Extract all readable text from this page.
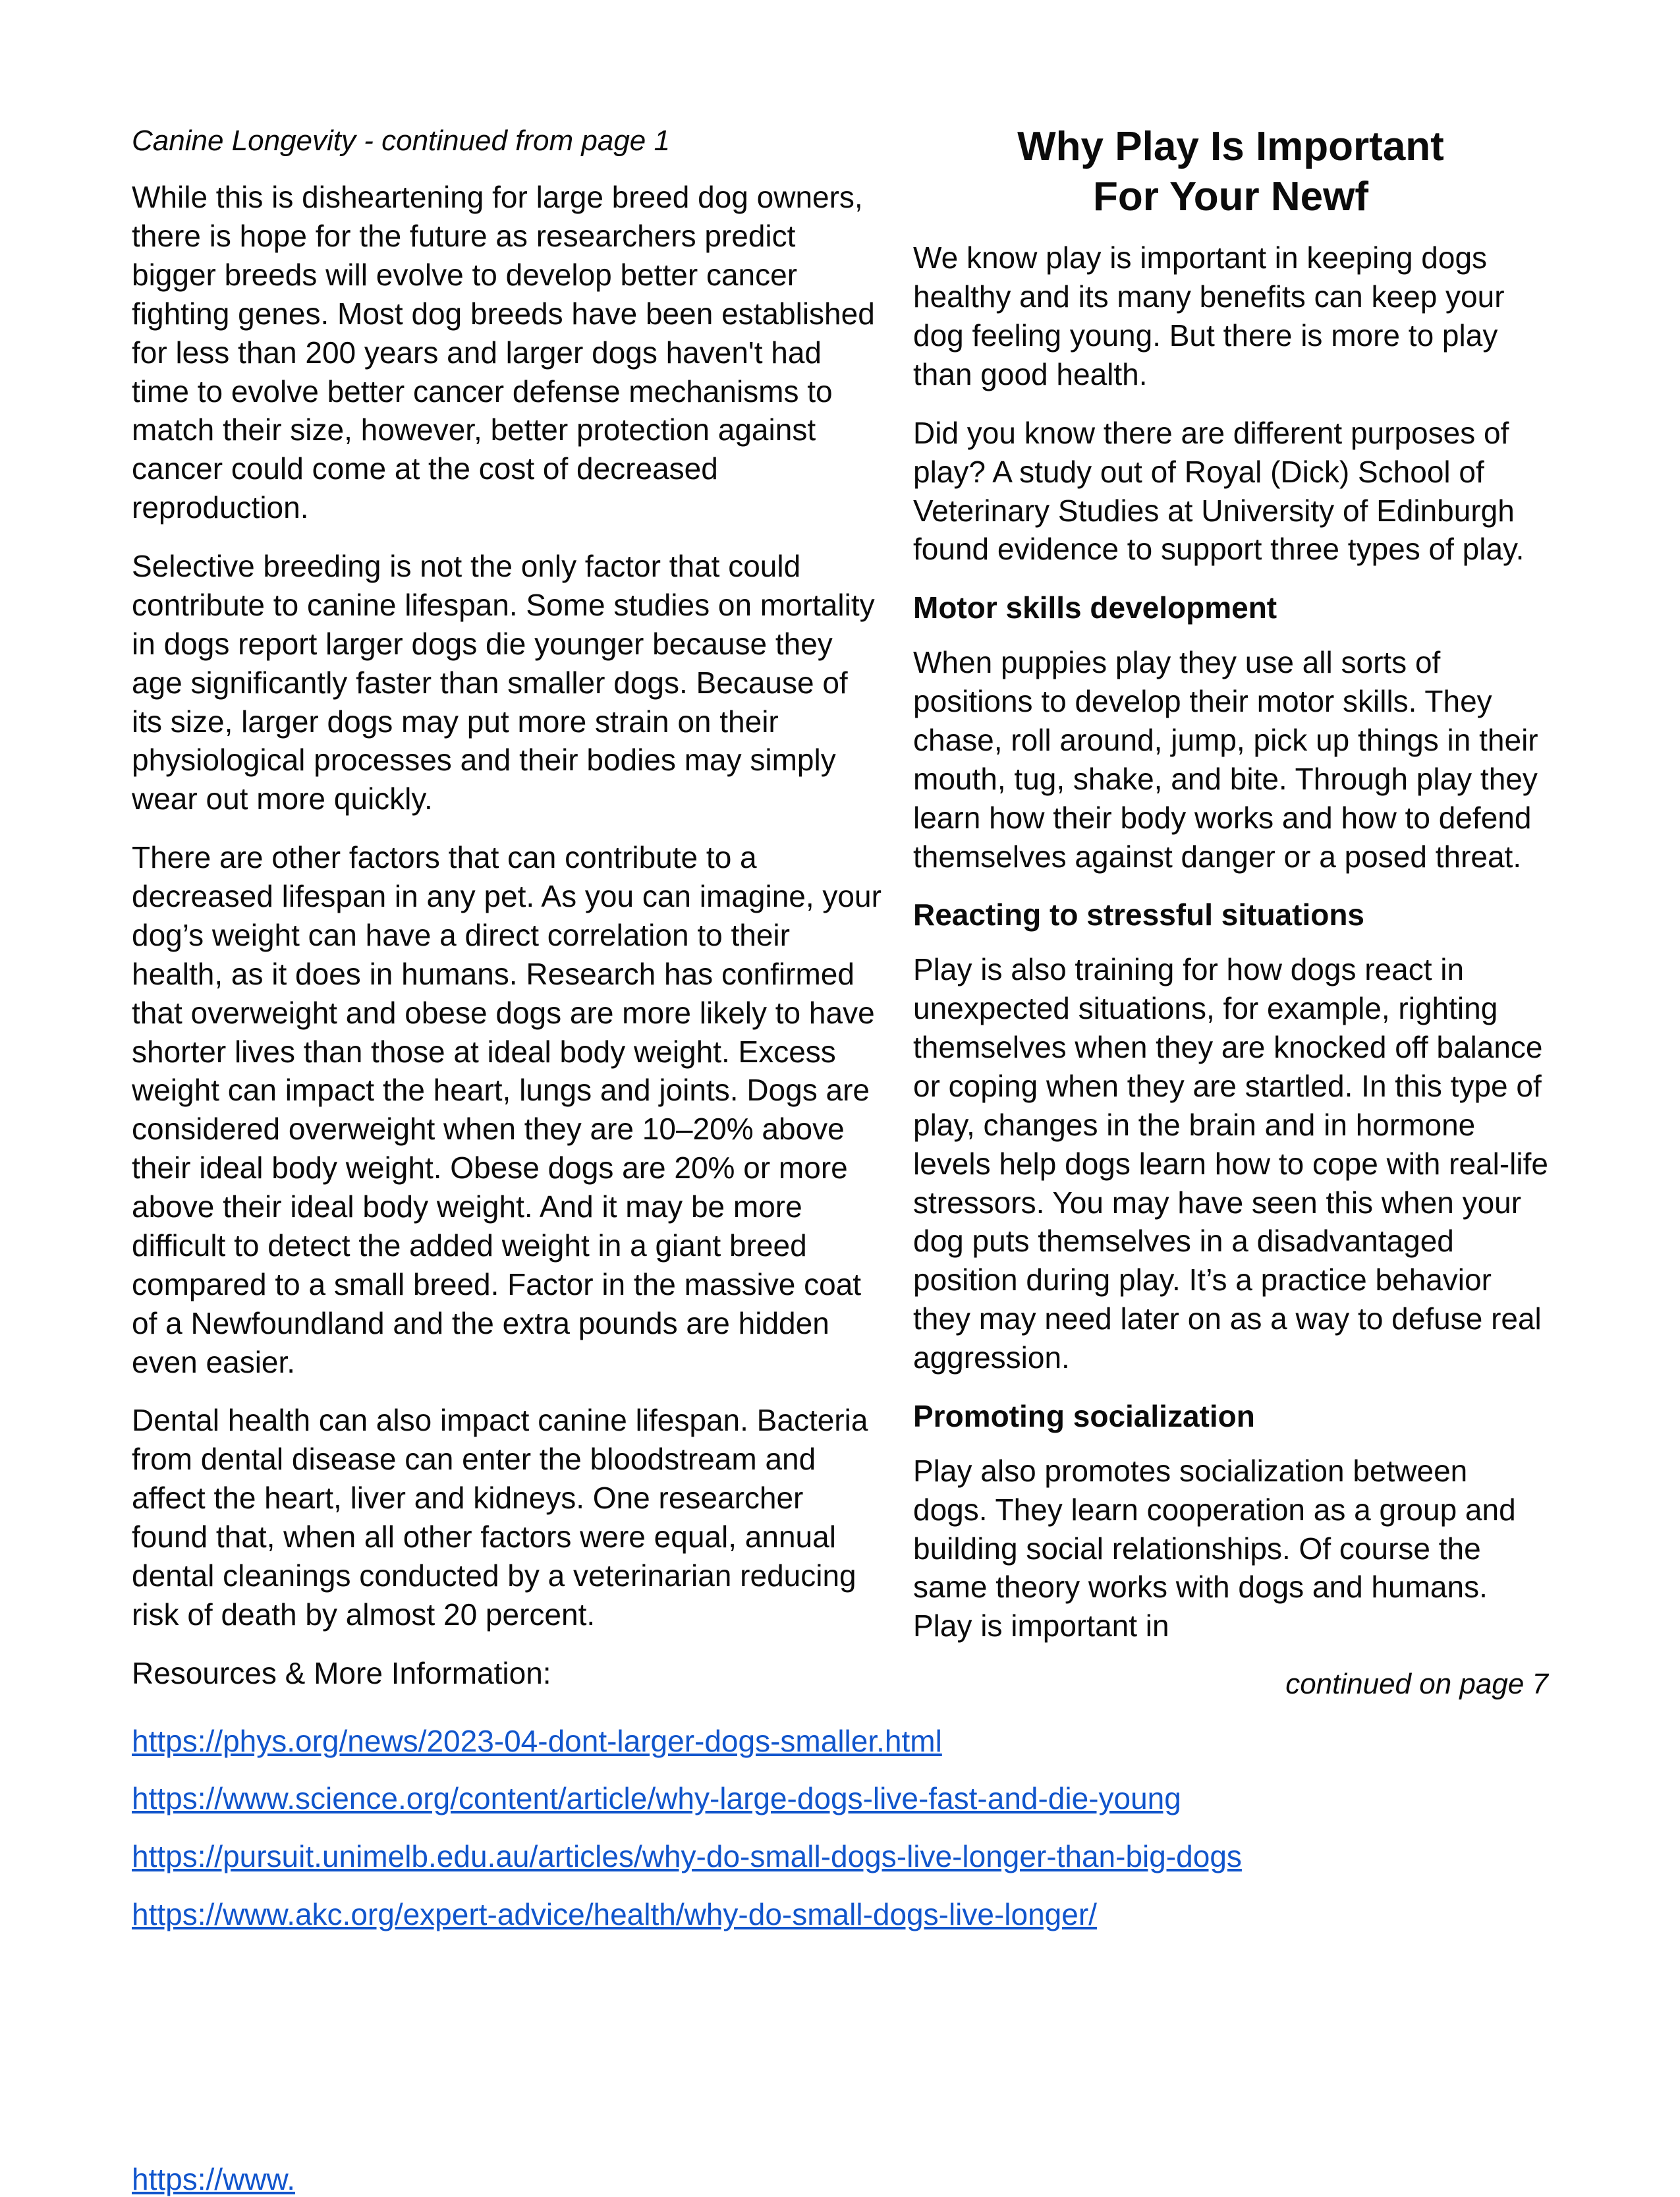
Canine Longevity - continued from page 1

While this is disheartening for large breed dog owners, there is hope for the future as researchers predict bigger breeds will evolve to develop better cancer fighting genes. Most dog breeds have been established for less than 200 years and larger dogs haven't had time to evolve better cancer defense mechanisms to match their size, however, better protection against cancer could come at the cost of decreased reproduction.

Selective breeding is not the only factor that could contribute to canine lifespan. Some studies on mortality in dogs report larger dogs die younger because they age significantly faster than smaller dogs. Because of its size, larger dogs may put more strain on their physiological processes and their bodies may simply wear out more quickly.

There are other factors that can contribute to a decreased lifespan in any pet. As you can imagine, your dog’s weight can have a direct correlation to their health, as it does in humans. Research has confirmed that overweight and obese dogs are more likely to have shorter lives than those at ideal body weight. Excess weight can impact the heart, lungs and joints. Dogs are considered overweight when they are 10–20% above their ideal body weight. Obese dogs are 20% or more above their ideal body weight. And it may be more difficult to detect the added weight in a giant breed compared to a small breed. Factor in the massive coat of a Newfoundland and the extra pounds are hidden even easier.

Dental health can also impact canine lifespan. Bacteria from dental disease can enter the bloodstream and affect the heart, liver and kidneys. One researcher found that, when all other factors were equal, annual dental cleanings conducted by a veterinarian reducing risk of death by almost 20 percent.

Resources & More Information:
Why Play Is Important
For Your Newf

We know play is important in keeping dogs healthy and its many benefits can keep your dog feeling young. But there is more to play than good health.

Did you know there are different purposes of play? A study out of Royal (Dick) School of Veterinary Studies at University of Edinburgh found evidence to support three types of play.

Motor skills development

When puppies play they use all sorts of positions to develop their motor skills. They chase, roll around, jump, pick up things in their mouth, tug, shake, and bite. Through play they learn how their body works and how to defend themselves against danger or a posed threat.

Reacting to stressful situations

Play is also training for how dogs react in unexpected situations, for example, righting themselves when they are knocked off balance or coping when they are startled. In this type of play, changes in the brain and in hormone levels help dogs learn how to cope with real-life stressors. You may have seen this when your dog puts themselves in a disadvantaged position during play. It’s a practice behavior they may need later on as a way to defuse real aggression.

Promoting socialization

Play also promotes socialization between dogs. They learn cooperation as a group and building social relationships. Of course the same theory works with dogs and humans. Play is important in

continued on page 7
https://phys.org/news/2023-04-dont-larger-dogs-smaller.html
https://www.science.org/content/article/why-large-dogs-live-fast-and-die-young
https://pursuit.unimelb.edu.au/articles/why-do-small-dogs-live-longer-than-big-dogs
https://www.akc.org/expert-advice/health/why-do-small-dogs-live-longer/
https://www.
